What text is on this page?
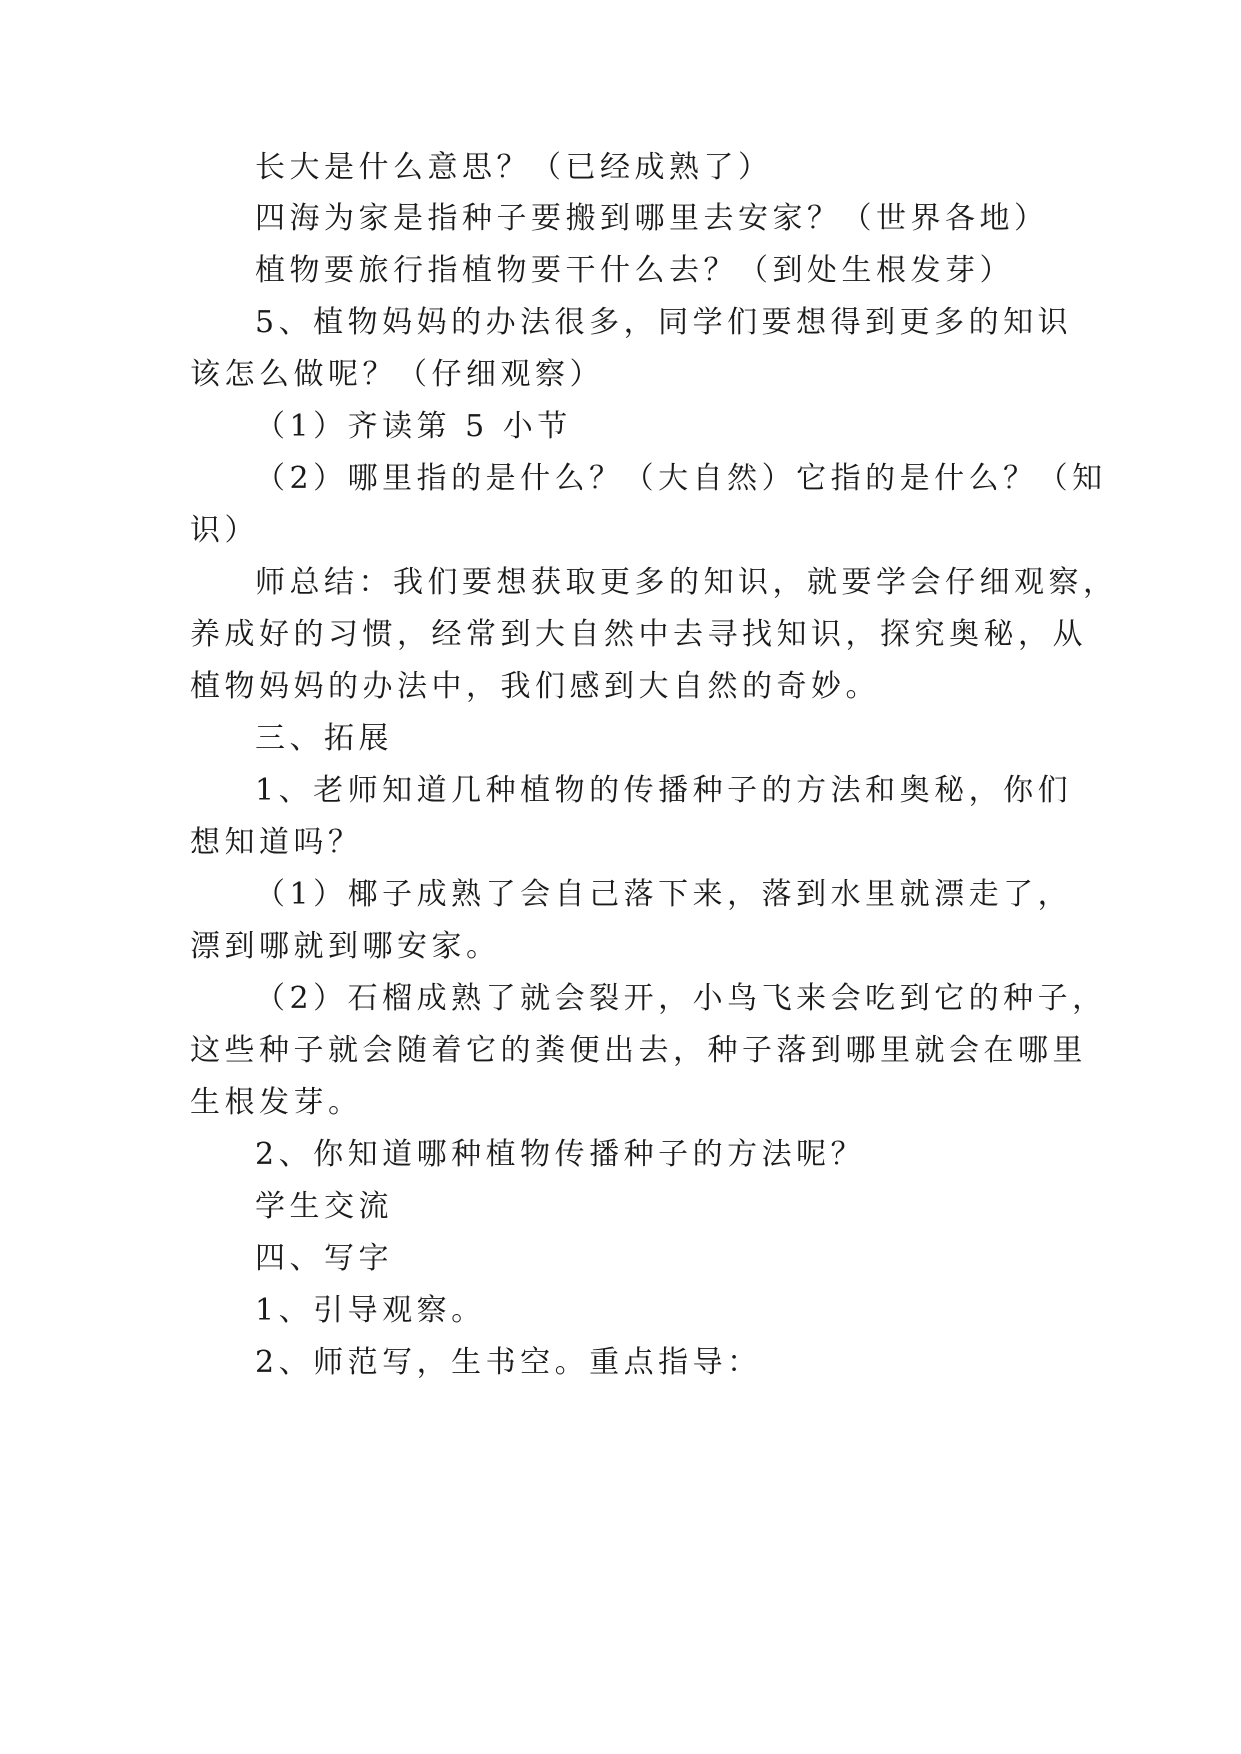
长大是什么意思？（已经成熟了）
四海为家是指种子要搬到哪里去安家？（世界各地）
植物要旅行指植物要干什么去？（到处生根发芽）
5、植物妈妈的办法很多，同学们要想得到更多的知识
该怎么做呢？（仔细观察）
（1）齐读第 5 小节
（2）哪里指的是什么？（大自然）它指的是什么？（知
识）
师总结：我们要想获取更多的知识，就要学会仔细观察，
养成好的习惯，经常到大自然中去寻找知识，探究奥秘，从
植物妈妈的办法中，我们感到大自然的奇妙。
三、拓展
1、老师知道几种植物的传播种子的方法和奥秘，你们
想知道吗？
（1）椰子成熟了会自己落下来，落到水里就漂走了，
漂到哪就到哪安家。
（2）石榴成熟了就会裂开，小鸟飞来会吃到它的种子，
这些种子就会随着它的粪便出去，种子落到哪里就会在哪里
生根发芽。
2、你知道哪种植物传播种子的方法呢？
学生交流
四、写字
1、引导观察。
2、师范写，生书空。重点指导：
